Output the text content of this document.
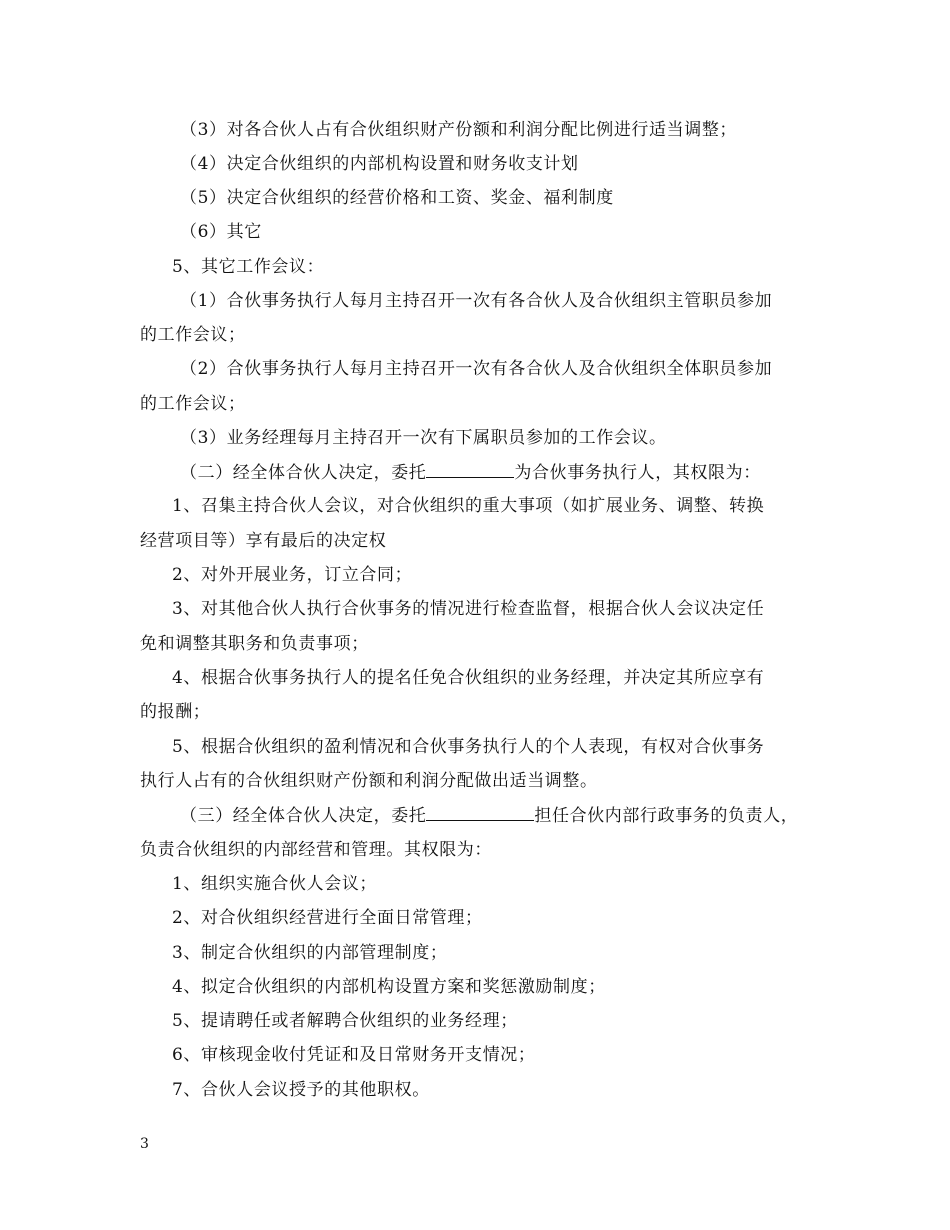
（3）对各合伙人占有合伙组织财产份额和利润分配比例进行适当调整；
（4）决定合伙组织的内部机构设置和财务收支计划
（5）决定合伙组织的经营价格和工资、奖金、福利制度
（6）其它
5、其它工作会议：
（1）合伙事务执行人每月主持召开一次有各合伙人及合伙组织主管职员参加
的工作会议；
（2）合伙事务执行人每月主持召开一次有各合伙人及合伙组织全体职员参加
的工作会议；
（3）业务经理每月主持召开一次有下属职员参加的工作会议。
（二）经全体合伙人决定，委托	为合伙事务执行人，其权限为：
1、召集主持合伙人会议，对合伙组织的重大事项（如扩展业务、调整、转换
经营项目等）享有最后的决定权
2、对外开展业务，订立合同；
3、对其他合伙人执行合伙事务的情况进行检查监督，根据合伙人会议决定任
免和调整其职务和负责事项；
4、根据合伙事务执行人的提名任免合伙组织的业务经理，并决定其所应享有
的报酬；
5、根据合伙组织的盈利情况和合伙事务执行人的个人表现，有权对合伙事务
执行人占有的合伙组织财产份额和利润分配做出适当调整。
（三）经全体合伙人决定，委托	担任合伙内部行政事务的负责人，
负责合伙组织的内部经营和管理。其权限为：
1、组织实施合伙人会议；
2、对合伙组织经营进行全面日常管理；
3、制定合伙组织的内部管理制度；
4、拟定合伙组织的内部机构设置方案和奖惩激励制度；
5、提请聘任或者解聘合伙组织的业务经理；
6、审核现金收付凭证和及日常财务开支情况；
7、合伙人会议授予的其他职权。
3
